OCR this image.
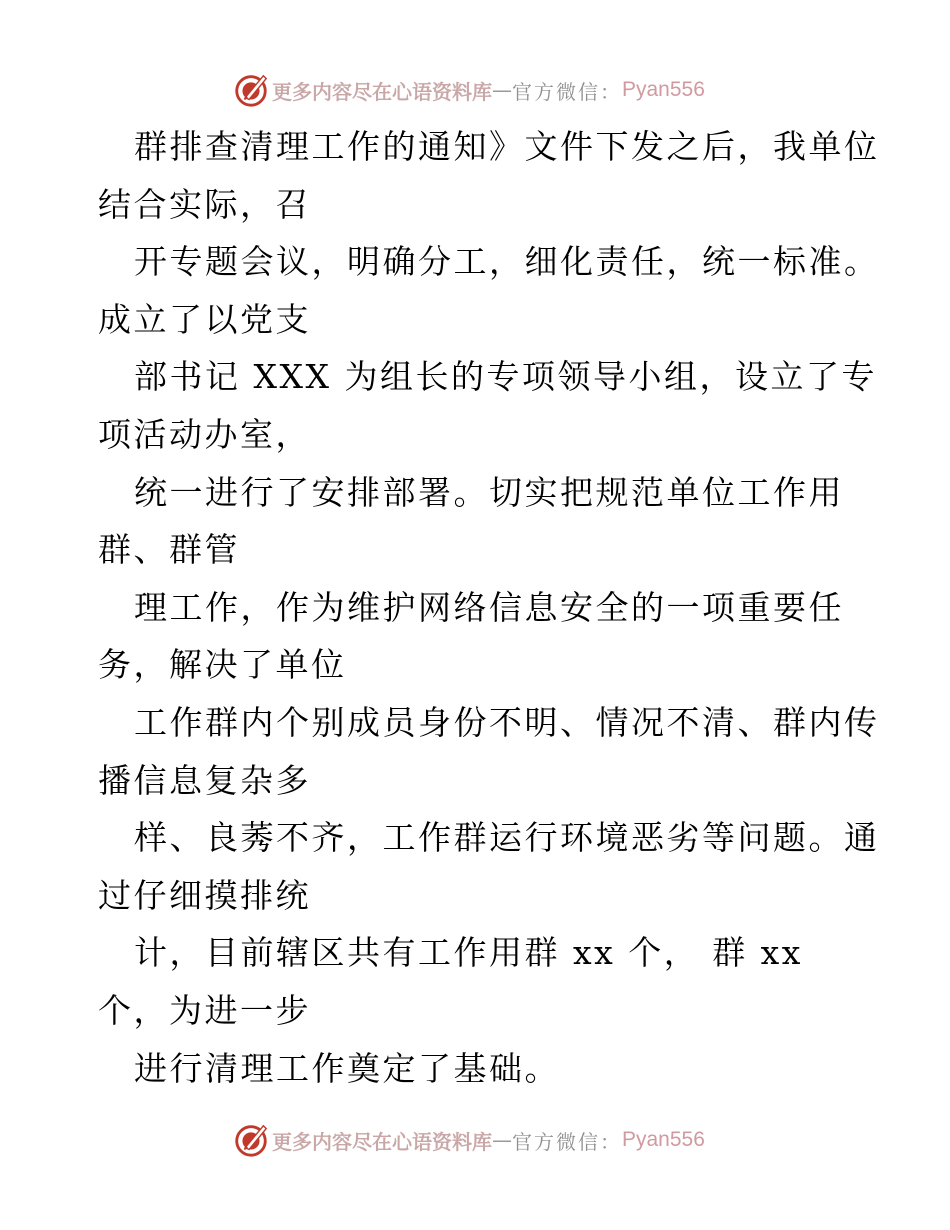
更多内容尽在心语资料库 — 官方微信： Pyan556
群排查清理工作的通知》文件下发之后，我单位
结合实际，召
开专题会议，明确分工，细化责任，统一标准。
成立了以党支
部书记 XXX 为组长的专项领导小组，设立了专
项活动办室，
统一进行了安排部署。切实把规范单位工作用
群、群管
理工作，作为维护网络信息安全的一项重要任
务，解决了单位
工作群内个别成员身份不明、情况不清、群内传
播信息复杂多
样、良莠不齐，工作群运行环境恶劣等问题。通
过仔细摸排统
计，目前辖区共有工作用群 xx 个， 群 xx
个，为进一步
进行清理工作奠定了基础。
更多内容尽在心语资料库 — 官方微信： Pyan556
